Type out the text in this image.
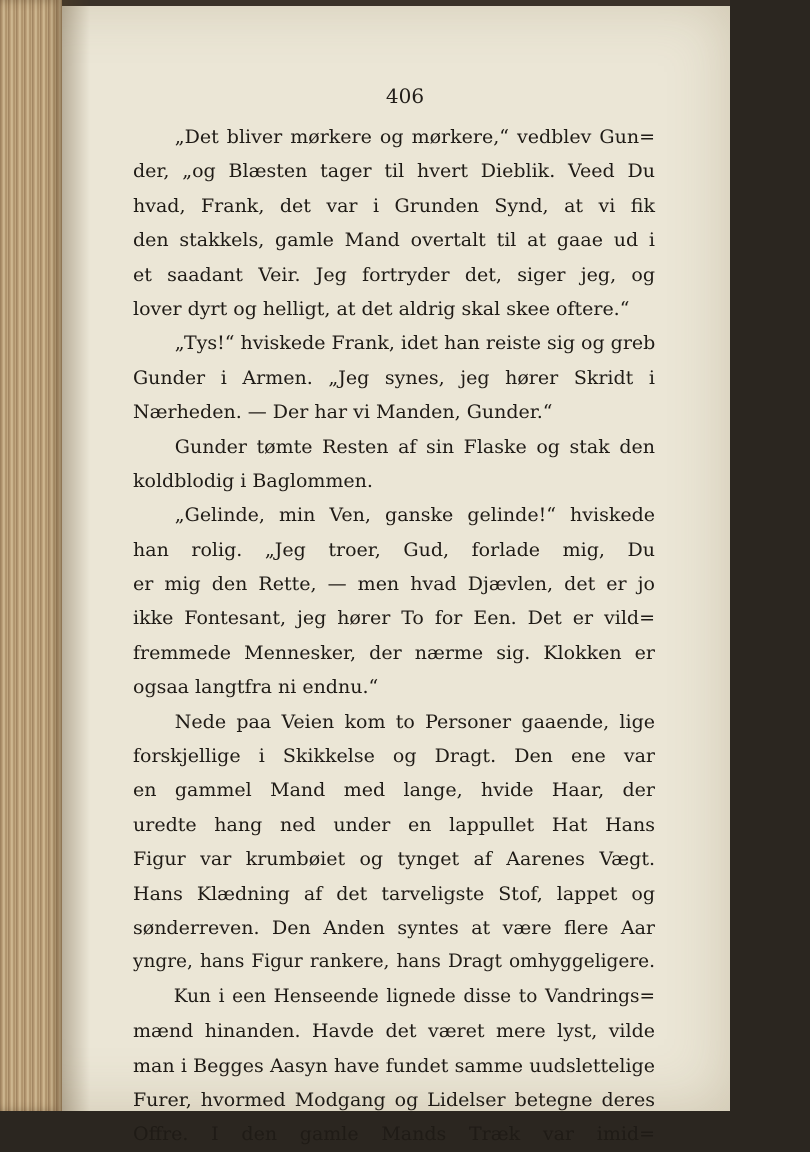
406
„Det bliver mørkere og mørkere,“ vedblev Gun=
der, „og Blæsten tager til hvert Dieblik. Veed Du
hvad, Frank, det var i Grunden Synd, at vi fik
den stakkels, gamle Mand overtalt til at gaae ud i
et saadant Veir. Jeg fortryder det, siger jeg, og
lover dyrt og helligt, at det aldrig skal skee oftere.“
„Tys!“ hviskede Frank, idet han reiste sig og greb
Gunder i Armen. „Jeg synes, jeg hører Skridt i
Nærheden. — Der har vi Manden, Gunder.“
Gunder tømte Resten af sin Flaske og stak den
koldblodig i Baglommen.
„Gelinde, min Ven, ganske gelinde!“ hviskede
han rolig. „Jeg troer, Gud, forlade mig, Du
er mig den Rette, — men hvad Djævlen, det er jo
ikke Fontesant, jeg hører To for Een. Det er vild=
fremmede Mennesker, der nærme sig. Klokken er
ogsaa langtfra ni endnu.“
Nede paa Veien kom to Personer gaaende, lige
forskjellige i Skikkelse og Dragt. Den ene var
en gammel Mand med lange, hvide Haar, der
uredte hang ned under en lappullet Hat Hans
Figur var krumbøiet og tynget af Aarenes Vægt.
Hans Klædning af det tarveligste Stof, lappet og
sønderreven. Den Anden syntes at være flere Aar
yngre, hans Figur rankere, hans Dragt omhyggeligere.
Kun i een Henseende lignede disse to Vandrings=
mænd hinanden. Havde det været mere lyst, vilde
man i Begges Aasyn have fundet samme uudslettelige
Furer, hvormed Modgang og Lidelser betegne deres
Offre. I den gamle Mands Træk var imid=
